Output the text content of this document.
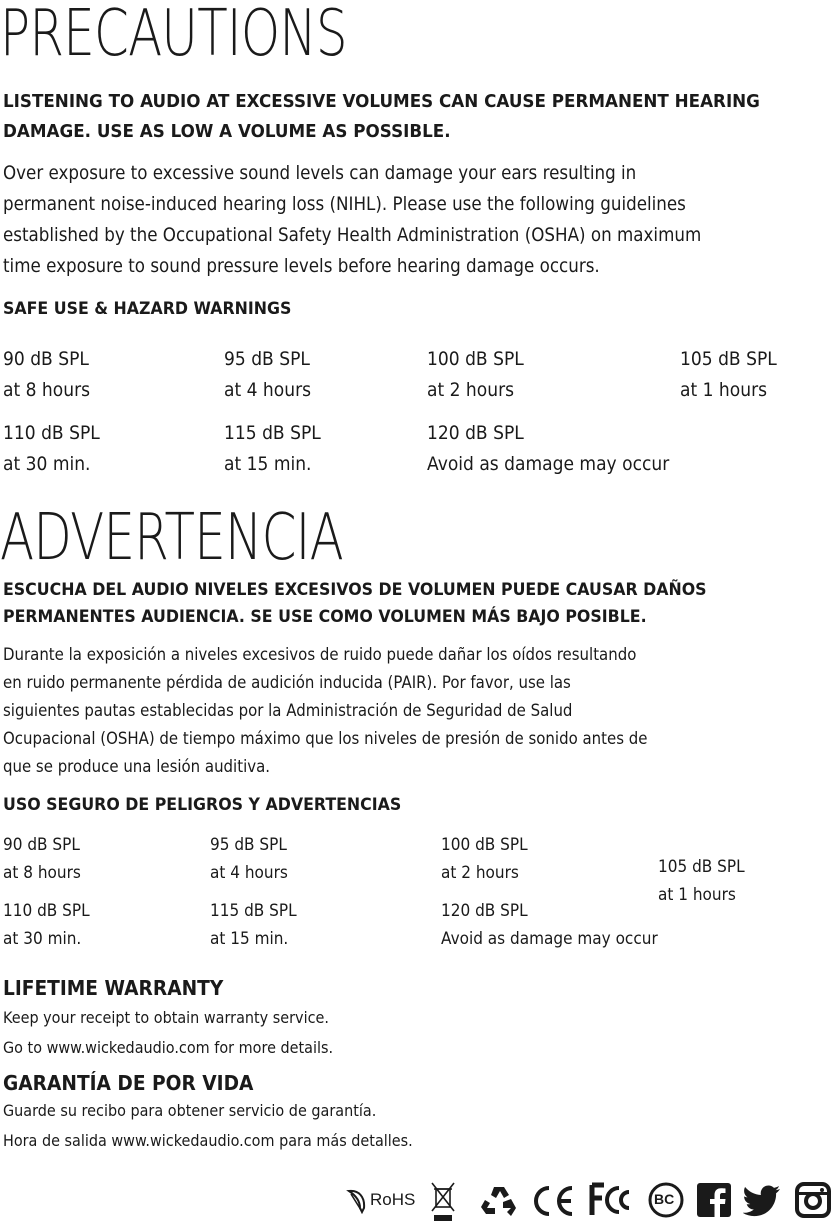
PRECAUTIONS
LISTENING TO AUDIO AT EXCESSIVE VOLUMES CAN CAUSE PERMANENT HEARING
DAMAGE. USE AS LOW A VOLUME AS POSSIBLE.
Over exposure to excessive sound levels can damage your ears resulting in
permanent noise-induced hearing loss (NIHL). Please use the following guidelines
established by the Occupational Safety Health Administration (OSHA) on maximum
time exposure to sound pressure levels before hearing damage occurs.
SAFE USE & HAZARD WARNINGS
90 dB SPL
at 8 hours
95 dB SPL
at 4 hours
100 dB SPL
at 2 hours
105 dB SPL
at 1 hours
110 dB SPL
at 30 min.
115 dB SPL
at 15 min.
120 dB SPL
Avoid as damage may occur
ADVERTENCIA
ESCUCHA DEL AUDIO NIVELES EXCESIVOS DE VOLUMEN PUEDE CAUSAR DAÑOS
PERMANENTES AUDIENCIA. SE USE COMO VOLUMEN MÁS BAJO POSIBLE.
Durante la exposición a niveles excesivos de ruido puede dañar los oídos resultando
en ruido permanente pérdida de audición inducida (PAIR). Por favor, use las
siguientes pautas establecidas por la Administración de Seguridad de Salud
Ocupacional (OSHA) de tiempo máximo que los niveles de presión de sonido antes de
que se produce una lesión auditiva.
USO SEGURO DE PELIGROS Y ADVERTENCIAS
90 dB SPL
at 8 hours
95 dB SPL
at 4 hours
100 dB SPL
at 2 hours	105 dB SPL
at 1 hours
110 dB SPL
at 30 min.
115 dB SPL
at 15 min.
120 dB SPL
Avoid as damage may occur
LIFETIME WARRANTY
Keep your receipt to obtain warranty service.
Go to www.wickedaudio.com for more details.
GARANTÍA DE POR VIDA
Guarde su recibo para obtener servicio de garantía.
Hora de salida www.wickedaudio.com para más detalles.
RoHS	BC
